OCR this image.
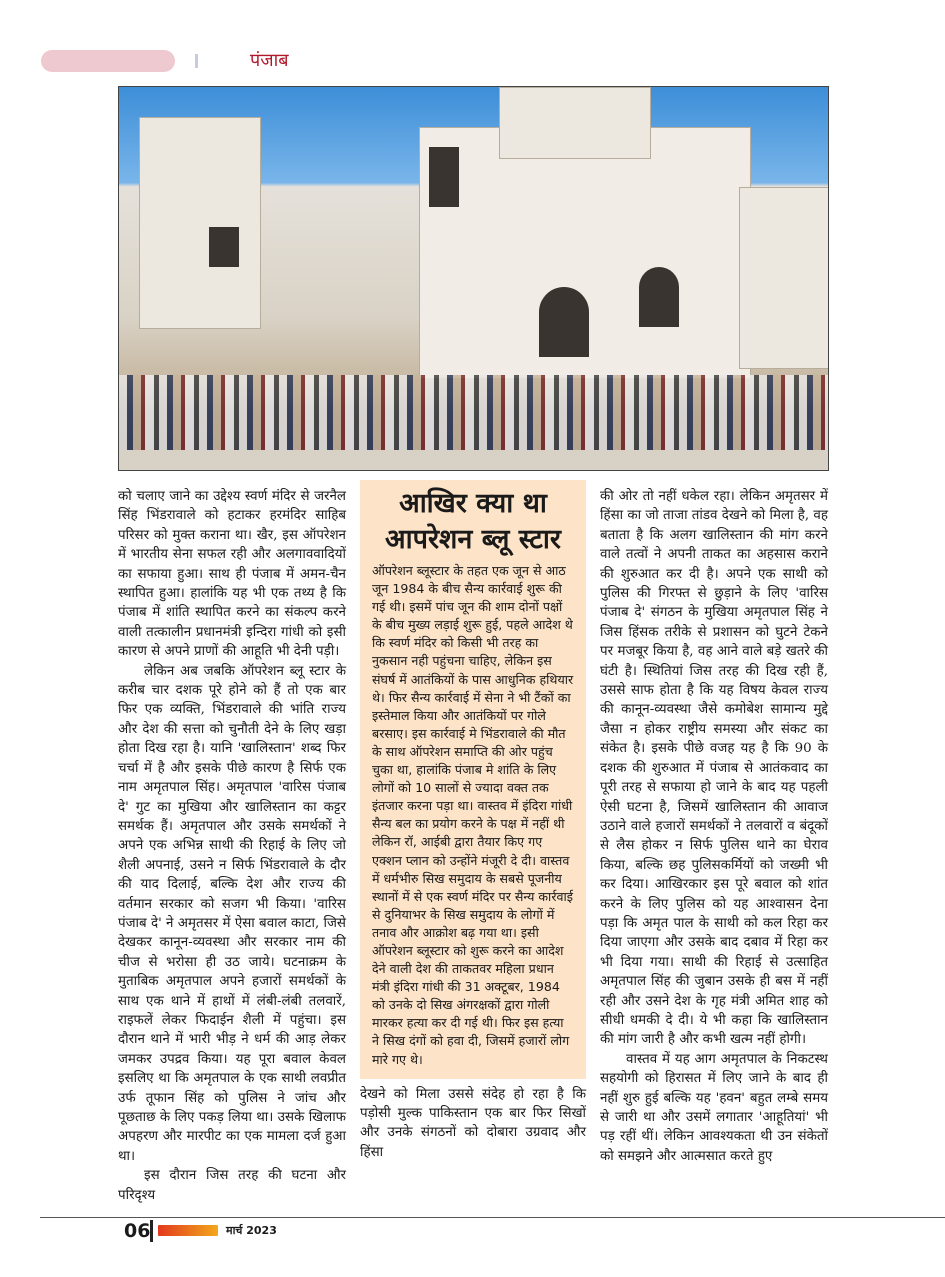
पंजाब

को चलाए जाने का उद्देश्य स्वर्ण मंदिर से जरनैल सिंह भिंडरावाले को हटाकर हरमंदिर साहिब परिसर को मुक्त कराना था। खैर, इस ऑपरेशन में भारतीय सेना सफल रही और अलगाववादियों का सफाया हुआ। साथ ही पंजाब में अमन-चैन स्थापित हुआ। हालांकि यह भी एक तथ्य है कि पंजाब में शांति स्थापित करने का संकल्प करने वाली तत्कालीन प्रधानमंत्री इन्दिरा गांधी को इसी कारण से अपने प्राणों की आहूति भी देनी पड़ी।

लेकिन अब जबकि ऑपरेशन ब्लू स्टार के करीब चार दशक पूरे होने को हैं तो एक बार फिर एक व्यक्ति, भिंडरावाले की भांति राज्य और देश की सत्ता को चुनौती देने के लिए खड़ा होता दिख रहा है। यानि 'खालिस्तान' शब्द फिर चर्चा में है और इसके पीछे कारण है सिर्फ एक नाम अमृतपाल सिंह। अमृतपाल 'वारिस पंजाब दे' गुट का मुखिया और खालिस्तान का कट्टर समर्थक हैं। अमृतपाल और उसके समर्थकों ने अपने एक अभिन्न साथी की रिहाई के लिए जो शैली अपनाई, उसने न सिर्फ भिंडरावाले के दौर की याद दिलाई, बल्कि देश और राज्य की वर्तमान सरकार को सजग भी किया। 'वारिस पंजाब दे' ने अमृतसर में ऐसा बवाल काटा, जिसे देखकर कानून-व्यवस्था और सरकार नाम की चीज से भरोसा ही उठ जाये। घटनाक्रम के मुताबिक अमृतपाल अपने हजारों समर्थकों के साथ एक थाने में हाथों में लंबी-लंबी तलवारें, राइफलें लेकर फिदाईन शैली में पहुंचा। इस दौरान थाने में भारी भीड़ ने धर्म की आड़ लेकर जमकर उपद्रव किया। यह पूरा बवाल केवल इसलिए था कि अमृतपाल के एक साथी लवप्रीत उर्फ तूफान सिंह को पुलिस ने जांच और पूछताछ के लिए पकड़ लिया था। उसके खिलाफ अपहरण और मारपीट का एक मामला दर्ज हुआ था।

इस दौरान जिस तरह की घटना और परिदृश्य

आखिर क्या था
आपरेशन ब्लू स्टार
ऑपरेशन ब्लूस्टार के तहत एक जून से आठ जून 1984 के बीच सैन्य कार्रवाई शुरू की गई थी। इसमें पांच जून की शाम दोनों पक्षों के बीच मुख्य लड़ाई शुरू हुई, पहले आदेश थे कि स्वर्ण मंदिर को किसी भी तरह का नुकसान नही पहुंचना चाहिए, लेकिन इस संघर्ष में आतंकियों के पास आधुनिक हथियार थे। फिर सैन्य कार्रवाई में सेना ने भी टैंकों का इस्तेमाल किया और आतंकियों पर गोले बरसाए। इस कार्रवाई मे भिंडरावाले की मौत के साथ ऑपरेशन समाप्ति की ओर पहुंच चुका था, हालांकि पंजाब मे शांति के लिए लोगों को 10 सालों से ज्यादा वक्त तक इंतजार करना पड़ा था। वास्तव में इंदिरा गांधी सैन्य बल का प्रयोग करने के पक्ष में नहीं थी लेकिन रॉ, आईबी द्वारा तैयार किए गए एक्शन प्लान को उन्होंने मंजूरी दे दी। वास्तव में धर्मभीरु सिख समुदाय के सबसे पूजनीय स्थानों में से एक स्वर्ण मंदिर पर सैन्य कार्रवाई से दुनियाभर के सिख समुदाय के लोगों में तनाव और आक्रोश बढ़ गया था। इसी ऑपरेशन ब्लूस्टार को शुरू करने का आदेश देने वाली देश की ताकतवर महिला प्रधान मंत्री इंदिरा गांधी की 31 अक्टूबर, 1984 को उनके दो सिख अंगरक्षकों द्वारा गोली मारकर हत्या कर दी गई थी। फिर इस हत्या ने सिख दंगों को हवा दी, जिसमें हजारों लोग मारे गए थे।

देखने को मिला उससे संदेह हो रहा है कि पड़ोसी मुल्क पाकिस्तान एक बार फिर सिखों और उनके संगठनों को दोबारा उग्रवाद और हिंसा

की ओर तो नहीं धकेल रहा। लेकिन अमृतसर में हिंसा का जो ताजा तांडव देखने को मिला है, वह बताता है कि अलग खालिस्तान की मांग करने वाले तत्वों ने अपनी ताकत का अहसास कराने की शुरुआत कर दी है। अपने एक साथी को पुलिस की गिरफ्त से छुड़ाने के लिए 'वारिस पंजाब दे' संगठन के मुखिया अमृतपाल सिंह ने जिस हिंसक तरीके से प्रशासन को घुटने टेकने पर मजबूर किया है, वह आने वाले बड़े खतरे की घंटी है। स्थितियां जिस तरह की दिख रही हैं, उससे साफ होता है कि यह विषय केवल राज्य की कानून-व्यवस्था जैसे कमोबेश सामान्य मुद्दे जैसा न होकर राष्ट्रीय समस्या और संकट का संकेत है। इसके पीछे वजह यह है कि 90 के दशक की शुरुआत में पंजाब से आतंकवाद का पूरी तरह से सफाया हो जाने के बाद यह पहली ऐसी घटना है, जिसमें खालिस्तान की आवाज उठाने वाले हजारों समर्थकों ने तलवारों व बंदूकों से लैस होकर न सिर्फ पुलिस थाने का घेराव किया, बल्कि छह पुलिसकर्मियों को जख्मी भी कर दिया। आखिरकार इस पूरे बवाल को शांत करने के लिए पुलिस को यह आश्वासन देना पड़ा कि अमृत पाल के साथी को कल रिहा कर दिया जाएगा और उसके बाद दबाव में रिहा कर भी दिया गया। साथी की रिहाई से उत्साहित अमृतपाल सिंह की जुबान उसके ही बस में नहीं रही और उसने देश के गृह मंत्री अमित शाह को सीधी धमकी दे दी। ये भी कहा कि खालिस्तान की मांग जारी है और कभी खत्म नहीं होगी।

वास्तव में यह आग अमृतपाल के निकटस्थ सहयोगी को हिरासत में लिए जाने के बाद ही नहीं शुरु हुई बल्कि यह 'हवन' बहुत लम्बे समय से जारी था और उसमें लगातार 'आहूतियां' भी पड़ रहीं थीं। लेकिन आवश्यकता थी उन संकेतों को समझने और आत्मसात करते हुए

06	मार्च 2023
